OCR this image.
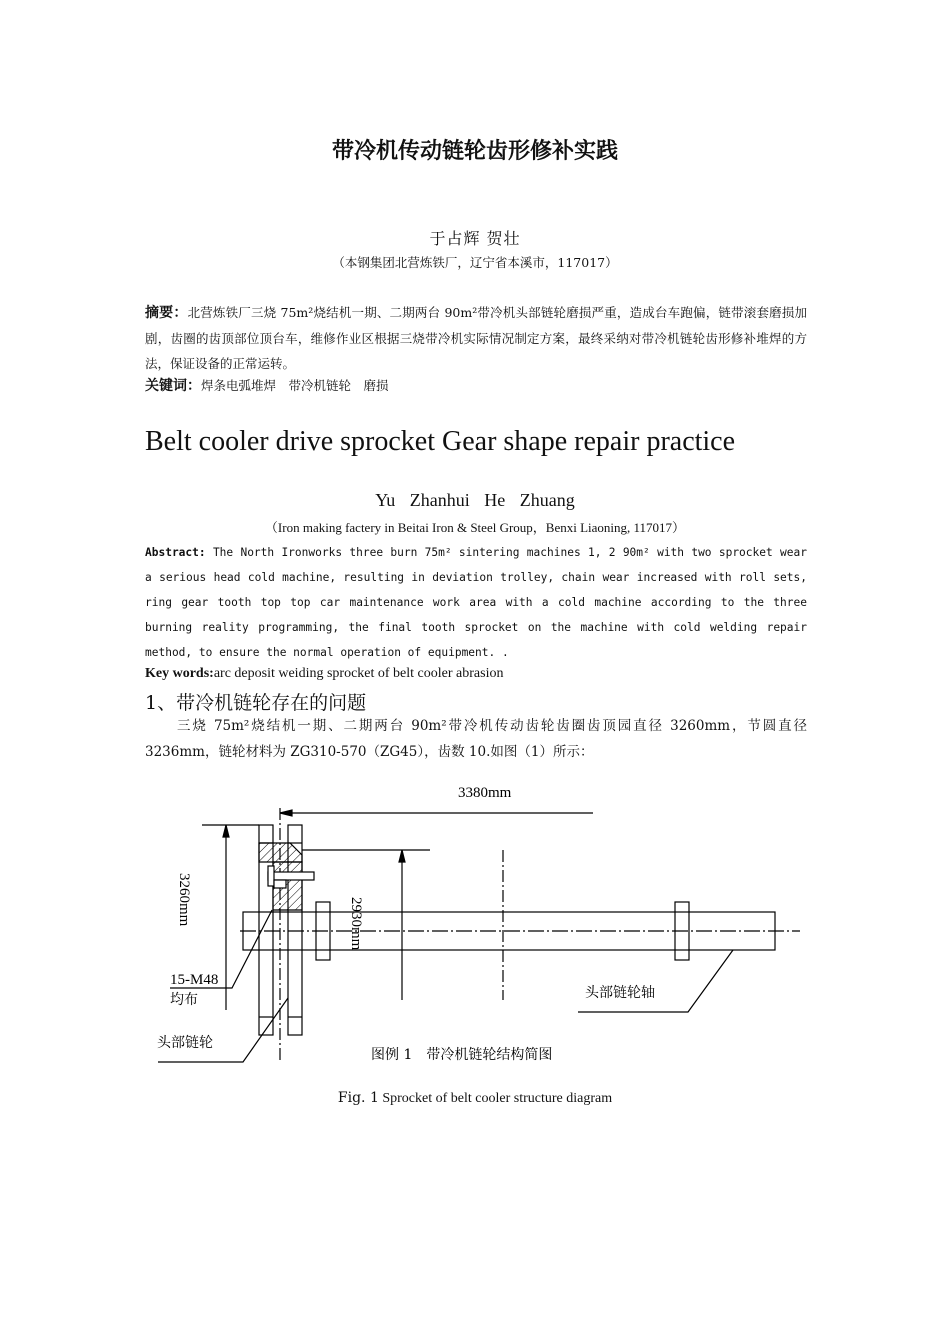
带冷机传动链轮齿形修补实践
于占辉 贺壮
（本钢集团北营炼铁厂，辽宁省本溪市，117017）
摘要：北营炼铁厂三烧 75m²烧结机一期、二期两台 90m²带冷机头部链轮磨损严重，造成台车跑偏，链带滚套磨损加剧，齿圈的齿顶部位顶台车，维修作业区根据三烧带冷机实际情况制定方案，最终采纳对带冷机链轮齿形修补堆焊的方法，保证设备的正常运转。
关键词：焊条电弧堆焊　带冷机链轮　磨损
Belt cooler drive sprocket Gear shape repair practice
Yu Zhanhui He Zhuang
（Iron making factery in Beitai Iron & Steel Group，Benxi Liaoning, 117017）
Abstract: The North Ironworks three burn 75m² sintering machines 1, 2 90m² with two sprocket wear a serious head cold machine, resulting in deviation trolley, chain wear increased with roll sets, ring gear tooth top top car maintenance work area with a cold machine according to the three burning reality programming, the final tooth sprocket on the machine with cold welding repair method, to ensure the normal operation of equipment. .
Key words:arc deposit weiding sprocket of belt cooler abrasion
1、带冷机链轮存在的问题
三烧 75m²烧结机一期、二期两台 90m²带冷机传动齿轮齿圈齿顶园直径 3260mm，节圆直径 3236mm，链轮材料为 ZG310-570（ZG45），齿数 10.如图（1）所示：
3380mm
3260mm	2930mm
15-M48
均布	头部链轮轴
头部链轮
图例 1　带冷机链轮结构简图
Fig. 1 Sprocket of belt cooler structure diagram
